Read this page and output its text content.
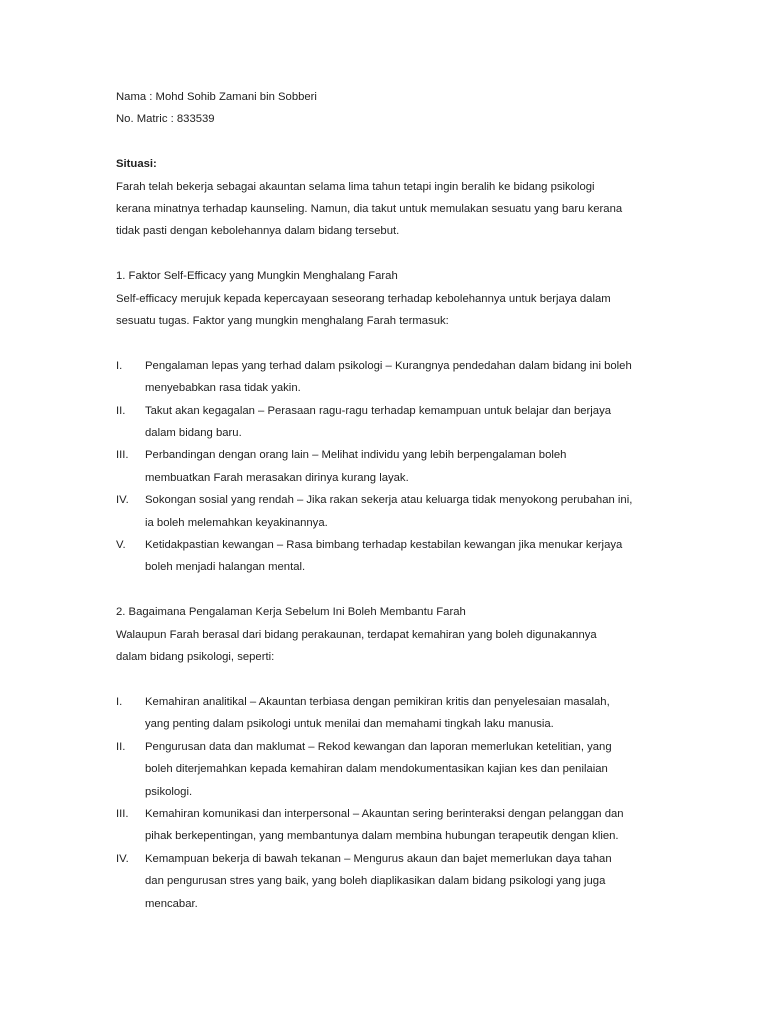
Nama : Mohd Sohib Zamani bin Sobberi

No. Matric : 833539

Situasi:

Farah telah bekerja sebagai akauntan selama lima tahun tetapi ingin beralih ke bidang psikologi

kerana minatnya terhadap kaunseling. Namun, dia takut untuk memulakan sesuatu yang baru kerana

tidak pasti dengan kebolehannya dalam bidang tersebut.

1. Faktor Self-Efficacy yang Mungkin Menghalang Farah

Self-efficacy merujuk kepada kepercayaan seseorang terhadap kebolehannya untuk berjaya dalam

sesuatu tugas. Faktor yang mungkin menghalang Farah termasuk:

I.	Pengalaman lepas yang terhad dalam psikologi – Kurangnya pendedahan dalam bidang ini boleh
menyebabkan rasa tidak yakin.
II.	Takut akan kegagalan – Perasaan ragu-ragu terhadap kemampuan untuk belajar dan berjaya
dalam bidang baru.
III.	Perbandingan dengan orang lain – Melihat individu yang lebih berpengalaman boleh
membuatkan Farah merasakan dirinya kurang layak.
IV.	Sokongan sosial yang rendah – Jika rakan sekerja atau keluarga tidak menyokong perubahan ini,
ia boleh melemahkan keyakinannya.
V.	Ketidakpastian kewangan – Rasa bimbang terhadap kestabilan kewangan jika menukar kerjaya
boleh menjadi halangan mental.

2. Bagaimana Pengalaman Kerja Sebelum Ini Boleh Membantu Farah

Walaupun Farah berasal dari bidang perakaunan, terdapat kemahiran yang boleh digunakannya

dalam bidang psikologi, seperti:

I.	Kemahiran analitikal – Akauntan terbiasa dengan pemikiran kritis dan penyelesaian masalah,
yang penting dalam psikologi untuk menilai dan memahami tingkah laku manusia.
II.	Pengurusan data dan maklumat – Rekod kewangan dan laporan memerlukan ketelitian, yang
boleh diterjemahkan kepada kemahiran dalam mendokumentasikan kajian kes dan penilaian
psikologi.
III.	Kemahiran komunikasi dan interpersonal – Akauntan sering berinteraksi dengan pelanggan dan
pihak berkepentingan, yang membantunya dalam membina hubungan terapeutik dengan klien.
IV.	Kemampuan bekerja di bawah tekanan – Mengurus akaun dan bajet memerlukan daya tahan
dan pengurusan stres yang baik, yang boleh diaplikasikan dalam bidang psikologi yang juga
mencabar.
